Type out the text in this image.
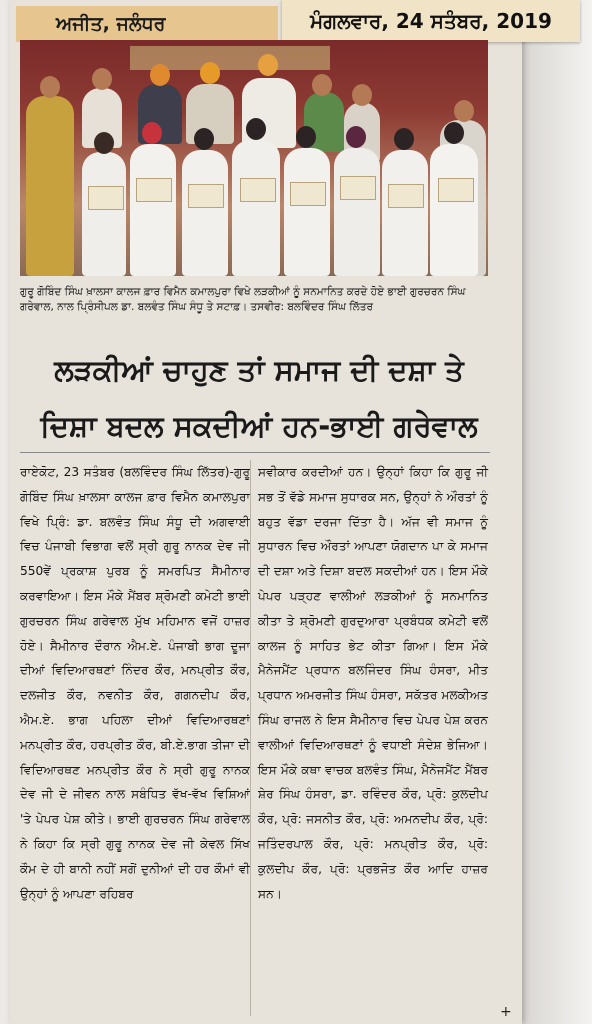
ਅਜੀਤ, ਜਲੰਧਰ	ਮੰਗਲਵਾਰ, 24 ਸਤੰਬਰ, 2019
ਗੁਰੂ ਗੋਬਿੰਦ ਸਿੰਘ ਖ਼ਾਲਸਾ ਕਾਲਜ ਫ਼ਾਰ ਵਿਮੈਨ ਕਮਾਲਪੁਰਾ ਵਿਖੇ ਲੜਕੀਆਂ ਨੂੰ ਸਨਮਾਨਿਤ ਕਰਦੇ ਹੋਏ ਭਾਈ ਗੁਰਚਰਨ ਸਿੰਘ ਗਰੇਵਾਲ, ਨਾਲ ਪ੍ਰਿੰਸੀਪਲ ਡਾ. ਬਲਵੰਤ ਸਿੰਘ ਸੰਧੂ ਤੇ ਸਟਾਫ਼। ਤਸਵੀਰ: ਬਲਵਿੰਦਰ ਸਿੰਘ ਲਿੱਤਰ
ਲੜਕੀਆਂ ਚਾਹੁਣ ਤਾਂ ਸਮਾਜ ਦੀ ਦਸ਼ਾ ਤੇ
ਦਿਸ਼ਾ ਬਦਲ ਸਕਦੀਆਂ ਹਨ-ਭਾਈ ਗਰੇਵਾਲ

ਰਾਏਕੋਟ, 23 ਸਤੰਬਰ (ਬਲਵਿੰਦਰ ਸਿੰਘ ਲਿੱਤਰ)-ਗੁਰੂ ਗੋਬਿੰਦ ਸਿੰਘ ਖ਼ਾਲਸਾ ਕਾਲਜ ਫ਼ਾਰ ਵਿਮੈਨ ਕਮਾਲਪੁਰਾ ਵਿਖੇ ਪ੍ਰਿੰ: ਡਾ. ਬਲਵੰਤ ਸਿੰਘ ਸੰਧੂ ਦੀ ਅਗਵਾਈ ਵਿਚ ਪੰਜਾਬੀ ਵਿਭਾਗ ਵਲੋਂ ਸ੍ਰੀ ਗੁਰੂ ਨਾਨਕ ਦੇਵ ਜੀ 550ਵੇਂ ਪ੍ਰਕਾਸ਼ ਪੁਰਬ ਨੂੰ ਸਮਰਪਿਤ ਸੈਮੀਨਾਰ ਕਰਵਾਇਆ। ਇਸ ਮੌਕੇ ਮੈਂਬਰ ਸ਼੍ਰੋਮਣੀ ਕਮੇਟੀ ਭਾਈ ਗੁਰਚਰਨ ਸਿੰਘ ਗਰੇਵਾਲ ਮੁੱਖ ਮਹਿਮਾਨ ਵਜੋਂ ਹਾਜ਼ਰ ਹੋਏ। ਸੈਮੀਨਾਰ ਦੌਰਾਨ ਐਮ.ਏ. ਪੰਜਾਬੀ ਭਾਗ ਦੂਜਾ ਦੀਆਂ ਵਿਦਿਆਰਥਣਾਂ ਨਿੰਦਰ ਕੌਰ, ਮਨਪ੍ਰੀਤ ਕੌਰ, ਦਲਜੀਤ ਕੌਰ, ਨਵਨੀਤ ਕੌਰ, ਗਗਨਦੀਪ ਕੌਰ, ਐਮ.ਏ. ਭਾਗ ਪਹਿਲਾ ਦੀਆਂ ਵਿਦਿਆਰਥਣਾਂ ਮਨਪ੍ਰੀਤ ਕੌਰ, ਹਰਪ੍ਰੀਤ ਕੌਰ, ਬੀ.ਏ.ਭਾਗ ਤੀਜਾ ਦੀ ਵਿਦਿਆਰਥਣ ਮਨਪ੍ਰੀਤ ਕੌਰ ਨੇ ਸ੍ਰੀ ਗੁਰੂ ਨਾਨਕ ਦੇਵ ਜੀ ਦੇ ਜੀਵਨ ਨਾਲ ਸਬੰਧਿਤ ਵੱਖ-ਵੱਖ ਵਿਸ਼ਿਆਂ 'ਤੇ ਪੇਪਰ ਪੇਸ਼ ਕੀਤੇ। ਭਾਈ ਗੁਰਚਰਨ ਸਿੰਘ ਗਰੇਵਾਲ ਨੇ ਕਿਹਾ ਕਿ ਸ੍ਰੀ ਗੁਰੂ ਨਾਨਕ ਦੇਵ ਜੀ ਕੇਵਲ ਸਿੱਖ ਕੌਮ ਦੇ ਹੀ ਬਾਨੀ ਨਹੀਂ ਸਗੋਂ ਦੁਨੀਆਂ ਦੀ ਹਰ ਕੌਮਾਂ ਵੀ ਉਨ੍ਹਾਂ ਨੂੰ ਆਪਣਾ ਰਹਿਬਰ

ਸਵੀਕਾਰ ਕਰਦੀਆਂ ਹਨ। ਉਨ੍ਹਾਂ ਕਿਹਾ ਕਿ ਗੁਰੂ ਜੀ ਸਭ ਤੋਂ ਵੱਡੇ ਸਮਾਜ ਸੁਧਾਰਕ ਸਨ, ਉਨ੍ਹਾਂ ਨੇ ਔਰਤਾਂ ਨੂੰ ਬਹੁਤ ਵੱਡਾ ਦਰਜਾ ਦਿੱਤਾ ਹੈ। ਅੱਜ ਵੀ ਸਮਾਜ ਨੂੰ ਸੁਧਾਰਨ ਵਿਚ ਔਰਤਾਂ ਆਪਣਾ ਯੋਗਦਾਨ ਪਾ ਕੇ ਸਮਾਜ ਦੀ ਦਸ਼ਾ ਅਤੇ ਦਿਸ਼ਾ ਬਦਲ ਸਕਦੀਆਂ ਹਨ। ਇਸ ਮੌਕੇ ਪੇਪਰ ਪੜ੍ਹਣ ਵਾਲੀਆਂ ਲੜਕੀਆਂ ਨੂੰ ਸਨਮਾਨਿਤ ਕੀਤਾ ਤੇ ਸ਼੍ਰੋਮਣੀ ਗੁਰਦੁਆਰਾ ਪ੍ਰਬੰਧਕ ਕਮੇਟੀ ਵਲੋਂ ਕਾਲਜ ਨੂੰ ਸਾਹਿਤ ਭੇਟ ਕੀਤਾ ਗਿਆ। ਇਸ ਮੌਕੇ ਮੈਨੇਜਮੈਂਟ ਪ੍ਰਧਾਨ ਬਲਜਿੰਦਰ ਸਿੰਘ ਹੰਸਰਾ, ਮੀਤ ਪ੍ਰਧਾਨ ਅਮਰਜੀਤ ਸਿੰਘ ਹੰਸਰਾ, ਸਕੱਤਰ ਮਲਕੀਅਤ ਸਿੰਘ ਰਾਜਲ ਨੇ ਇਸ ਸੈਮੀਨਾਰ ਵਿਚ ਪੇਪਰ ਪੇਸ਼ ਕਰਨ ਵਾਲੀਆਂ ਵਿਦਿਆਰਥਣਾਂ ਨੂੰ ਵਧਾਈ ਸੰਦੇਸ਼ ਭੇਜਿਆ। ਇਸ ਮੌਕੇ ਕਥਾ ਵਾਚਕ ਬਲਵੰਤ ਸਿੰਘ, ਮੈਨੇਜਮੈਂਟ ਮੈਂਬਰ ਸ਼ੇਰ ਸਿੰਘ ਹੰਸਰਾ, ਡਾ. ਰਵਿੰਦਰ ਕੌਰ, ਪ੍ਰੋ: ਕੁਲਦੀਪ ਕੌਰ, ਪ੍ਰੋ: ਜਸਨੀਤ ਕੌਰ, ਪ੍ਰੋ: ਅਮਨਦੀਪ ਕੌਰ, ਪ੍ਰੋ: ਜਤਿੰਦਰਪਾਲ ਕੌਰ, ਪ੍ਰੋ: ਮਨਪ੍ਰੀਤ ਕੌਰ, ਪ੍ਰੋ: ਕੁਲਦੀਪ ਕੌਰ, ਪ੍ਰੋ: ਪ੍ਰਭਜੋਤ ਕੌਰ ਆਦਿ ਹਾਜ਼ਰ ਸਨ।

+
